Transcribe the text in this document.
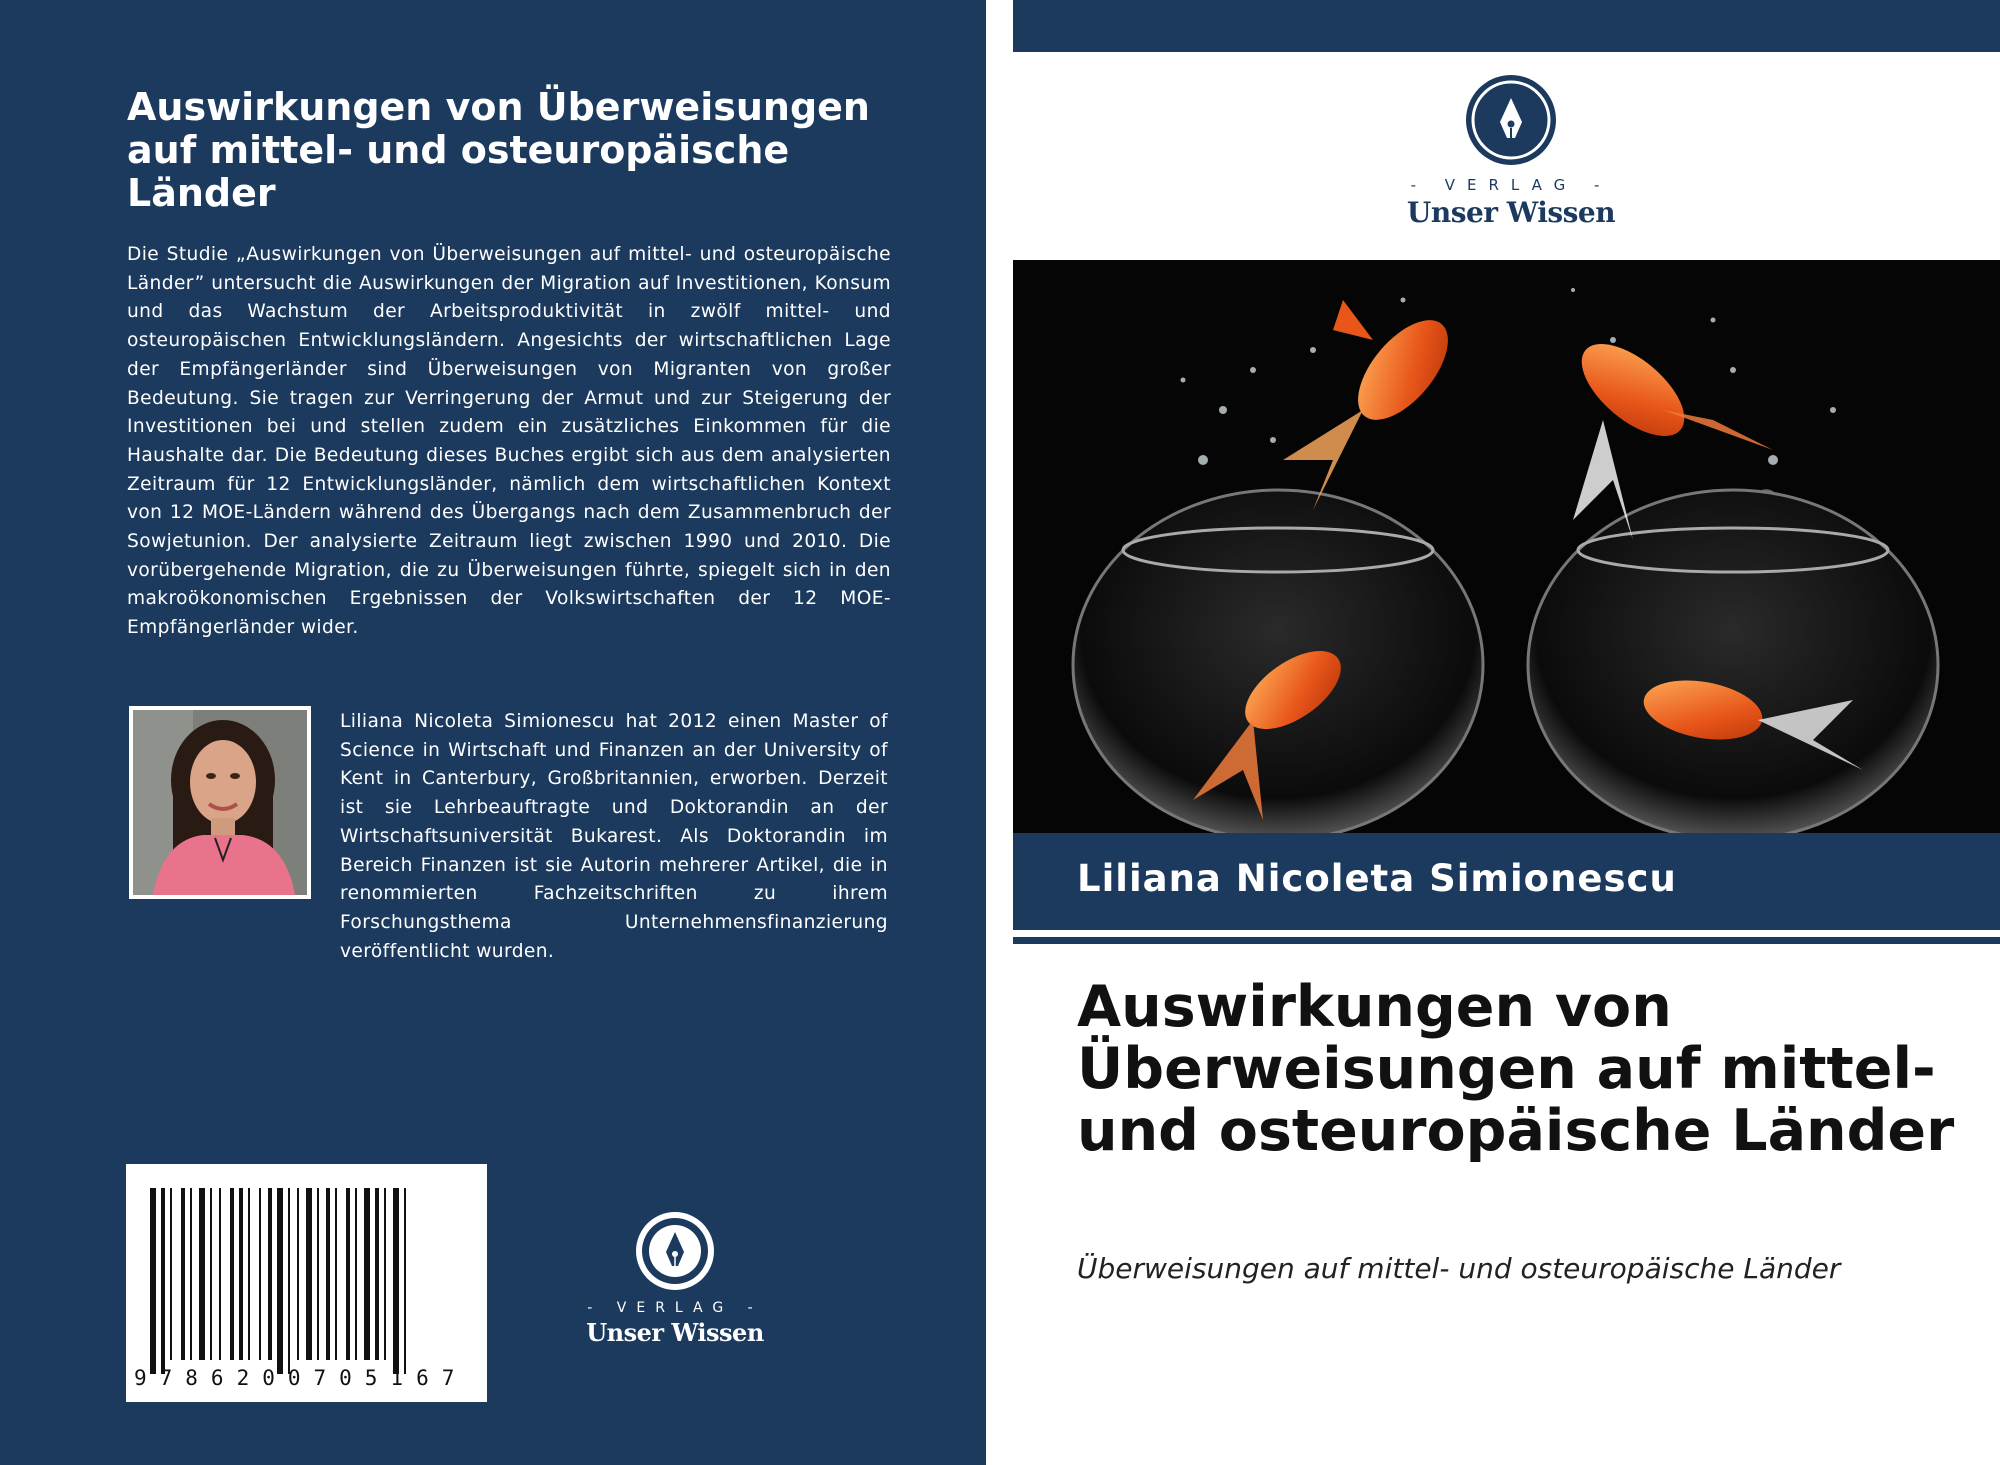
Auswirkungen von Überweisungen auf mittel- und osteuropäische Länder

Die Studie „Auswirkungen von Überweisungen auf mittel- und osteuropäische Länder” untersucht die Auswirkungen der Migration auf Investitionen, Konsum und das Wachstum der Arbeitsproduktivität in zwölf mittel- und osteuropäischen Entwicklungsländern. Angesichts der wirtschaftlichen Lage der Empfängerländer sind Überweisungen von Migranten von großer Bedeutung. Sie tragen zur Verringerung der Armut und zur Steigerung der Investitionen bei und stellen zudem ein zusätzliches Einkommen für die Haushalte dar. Die Bedeutung dieses Buches ergibt sich aus dem analysierten Zeitraum für 12 Entwicklungsländer, nämlich dem wirtschaftlichen Kontext von 12 MOE-Ländern während des Übergangs nach dem Zusammenbruch der Sowjetunion. Der analysierte Zeitraum liegt zwischen 1990 und 2010. Die vorübergehende Migration, die zu Überweisungen führte, spiegelt sich in den makroökonomischen Ergebnissen der Volkswirtschaften der 12 MOE-Empfängerländer wider.

Liliana Nicoleta Simionescu hat 2012 einen Master of Science in Wirtschaft und Finanzen an der University of Kent in Canterbury, Großbritannien, erworben. Derzeit ist sie Lehrbeauftragte und Doktorandin an der Wirtschaftsuniversität Bukarest. Als Doktorandin im Bereich Finanzen ist sie Autorin mehrerer Artikel, die in renommierten Fachzeitschriften zu ihrem Forschungsthema Unternehmensfinanzierung veröffentlicht wurden.

9786200705167
- VERLAG -
Unser Wissen
- VERLAG -
Unser Wissen

Liliana Nicoleta Simionescu

Auswirkungen von Überweisungen auf mittel- und osteuropäische Länder

Überweisungen auf mittel- und osteuropäische Länder
